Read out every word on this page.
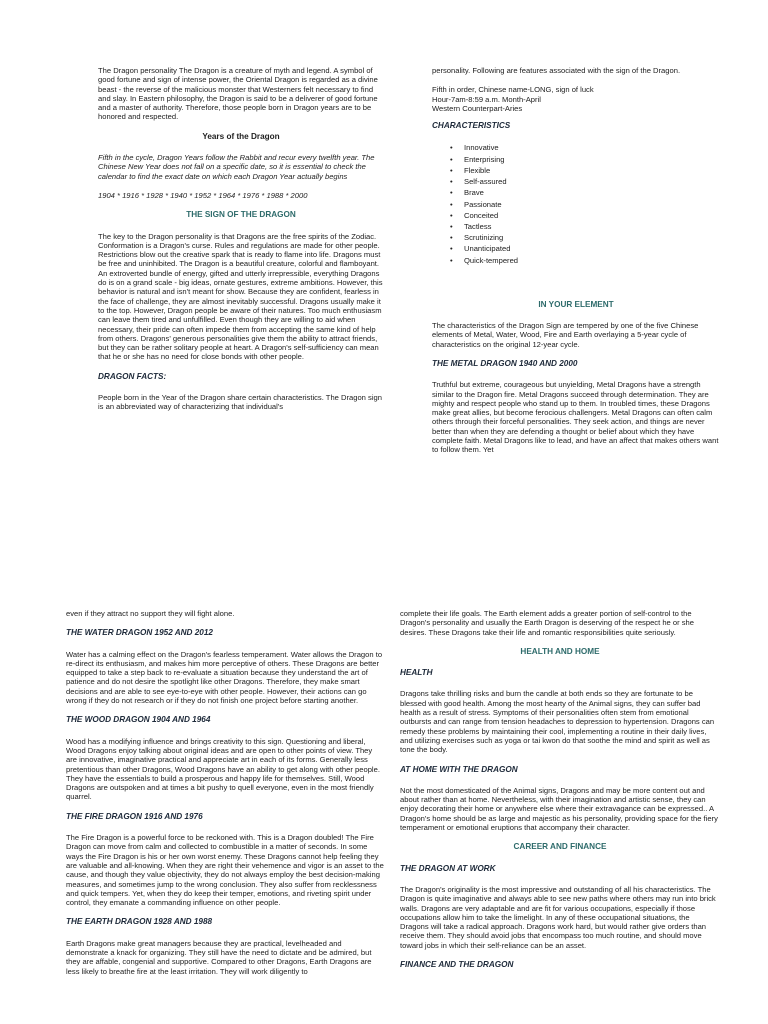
The Dragon personality The Dragon is a creature of myth and legend. A symbol of good fortune and sign of intense power, the Oriental Dragon is regarded as a divine beast - the reverse of the malicious monster that Westerners felt necessary to find and slay. In Eastern philosophy, the Dragon is said to be a deliverer of good fortune and a master of authority. Therefore, those people born in Dragon years are to be honored and respected.

Years of the Dragon

Fifth in the cycle, Dragon Years follow the Rabbit and recur every twelfth year. The Chinese New Year does not fall on a specific date, so it is essential to check the calendar to find the exact date on which each Dragon Year actually begins

1904 * 1916 * 1928 * 1940 * 1952 * 1964 * 1976 * 1988 * 2000

THE SIGN OF THE DRAGON

The key to the Dragon personality is that Dragons are the free spirits of the Zodiac. Conformation is a Dragon's curse. Rules and regulations are made for other people. Restrictions blow out the creative spark that is ready to flame into life. Dragons must be free and uninhibited. The Dragon is a beautiful creature, colorful and flamboyant. An extroverted bundle of energy, gifted and utterly irrepressible, everything Dragons do is on a grand scale - big ideas, ornate gestures, extreme ambitions. However, this behavior is natural and isn't meant for show. Because they are confident, fearless in the face of challenge, they are almost inevitably successful. Dragons usually make it to the top. However, Dragon people be aware of their natures. Too much enthusiasm can leave them tired and unfulfilled. Even though they are willing to aid when necessary, their pride can often impede them from accepting the same kind of help from others. Dragons' generous personalities give them the ability to attract friends, but they can be rather solitary people at heart. A Dragon's self-sufficiency can mean that he or she has no need for close bonds with other people.

DRAGON FACTS:

People born in the Year of the Dragon share certain characteristics. The Dragon sign is an abbreviated way of characterizing that individual's

personality. Following are features associated with the sign of the Dragon.

Fifth in order, Chinese name-LONG, sign of luck
Hour-7am-8:59 a.m. Month-April
Western Counterpart-Aries
CHARACTERISTICS
• Innovative
• Enterprising
• Flexible
• Self-assured
• Brave
• Passionate
• Conceited
• Tactless
• Scrutinizing
• Unanticipated
• Quick-tempered
IN YOUR ELEMENT

The characteristics of the Dragon Sign are tempered by one of the five Chinese elements of Metal, Water, Wood, Fire and Earth overlaying a 5-year cycle of characteristics on the original 12-year cycle.

THE METAL DRAGON 1940 AND 2000

Truthful but extreme, courageous but unyielding, Metal Dragons have a strength similar to the Dragon fire. Metal Dragons succeed through determination. They are mighty and respect people who stand up to them. In troubled times, these Dragons make great allies, but become ferocious challengers. Metal Dragons can often calm others through their forceful personalities. They seek action, and things are never better than when they are defending a thought or belief about which they have complete faith. Metal Dragons like to lead, and have an affect that makes others want to follow them. Yet

even if they attract no support they will fight alone.

THE WATER DRAGON 1952 AND 2012

Water has a calming effect on the Dragon's fearless temperament. Water allows the Dragon to re-direct its enthusiasm, and makes him more perceptive of others. These Dragons are better equipped to take a step back to re-evaluate a situation because they understand the art of patience and do not desire the spotlight like other Dragons. Therefore, they make smart decisions and are able to see eye-to-eye with other people. However, their actions can go wrong if they do not research or if they do not finish one project before starting another.

THE WOOD DRAGON 1904 AND 1964

Wood has a modifying influence and brings creativity to this sign. Questioning and liberal, Wood Dragons enjoy talking about original ideas and are open to other points of view. They are innovative, imaginative practical and appreciate art in each of its forms. Generally less pretentious than other Dragons, Wood Dragons have an ability to get along with other people. They have the essentials to build a prosperous and happy life for themselves. Still, Wood Dragons are outspoken and at times a bit pushy to quell everyone, even in the most friendly quarrel.

THE FIRE DRAGON 1916 AND 1976

The Fire Dragon is a powerful force to be reckoned with. This is a Dragon doubled! The Fire Dragon can move from calm and collected to combustible in a matter of seconds. In some ways the Fire Dragon is his or her own worst enemy. These Dragons cannot help feeling they are valuable and all-knowing. When they are right their vehemence and vigor is an asset to the cause, and though they value objectivity, they do not always employ the best decision-making measures, and sometimes jump to the wrong conclusion. They also suffer from recklessness and quick tempers. Yet, when they do keep their temper, emotions, and riveting spirit under control, they emanate a commanding influence on other people.

THE EARTH DRAGON 1928 AND 1988

Earth Dragons make great managers because they are practical, levelheaded and demonstrate a knack for organizing. They still have the need to dictate and be admired, but they are affable, congenial and supportive. Compared to other Dragons, Earth Dragons are less likely to breathe fire at the least irritation. They will work diligently to

complete their life goals. The Earth element adds a greater portion of self-control to the Dragon's personality and usually the Earth Dragon is deserving of the respect he or she desires. These Dragons take their life and romantic responsibilities quite seriously.

HEALTH AND HOME
HEALTH

Dragons take thrilling risks and burn the candle at both ends so they are fortunate to be blessed with good health. Among the most hearty of the Animal signs, they can suffer bad health as a result of stress. Symptoms of their personalities often stem from emotional outbursts and can range from tension headaches to depression to hypertension. Dragons can remedy these problems by maintaining their cool, implementing a routine in their daily lives, and utilizing exercises such as yoga or tai kwon do that soothe the mind and spirit as well as tone the body.

AT HOME WITH THE DRAGON

Not the most domesticated of the Animal signs, Dragons and may be more content out and about rather than at home. Nevertheless, with their imagination and artistic sense, they can enjoy decorating their home or anywhere else where their extravagance can be expressed.. A Dragon's home should be as large and majestic as his personality, providing space for the fiery temperament or emotional eruptions that accompany their character.

CAREER AND FINANCE
THE DRAGON AT WORK

The Dragon's originality is the most impressive and outstanding of all his characteristics. The Dragon is quite imaginative and always able to see new paths where others may run into brick walls. Dragons are very adaptable and are fit for various occupations, especially if those occupations allow him to take the limelight. In any of these occupational situations, the Dragons will take a radical approach. Dragons work hard, but would rather give orders than receive them. They should avoid jobs that encompass too much routine, and should move toward jobs in which their self-reliance can be an asset.

FINANCE AND THE DRAGON
